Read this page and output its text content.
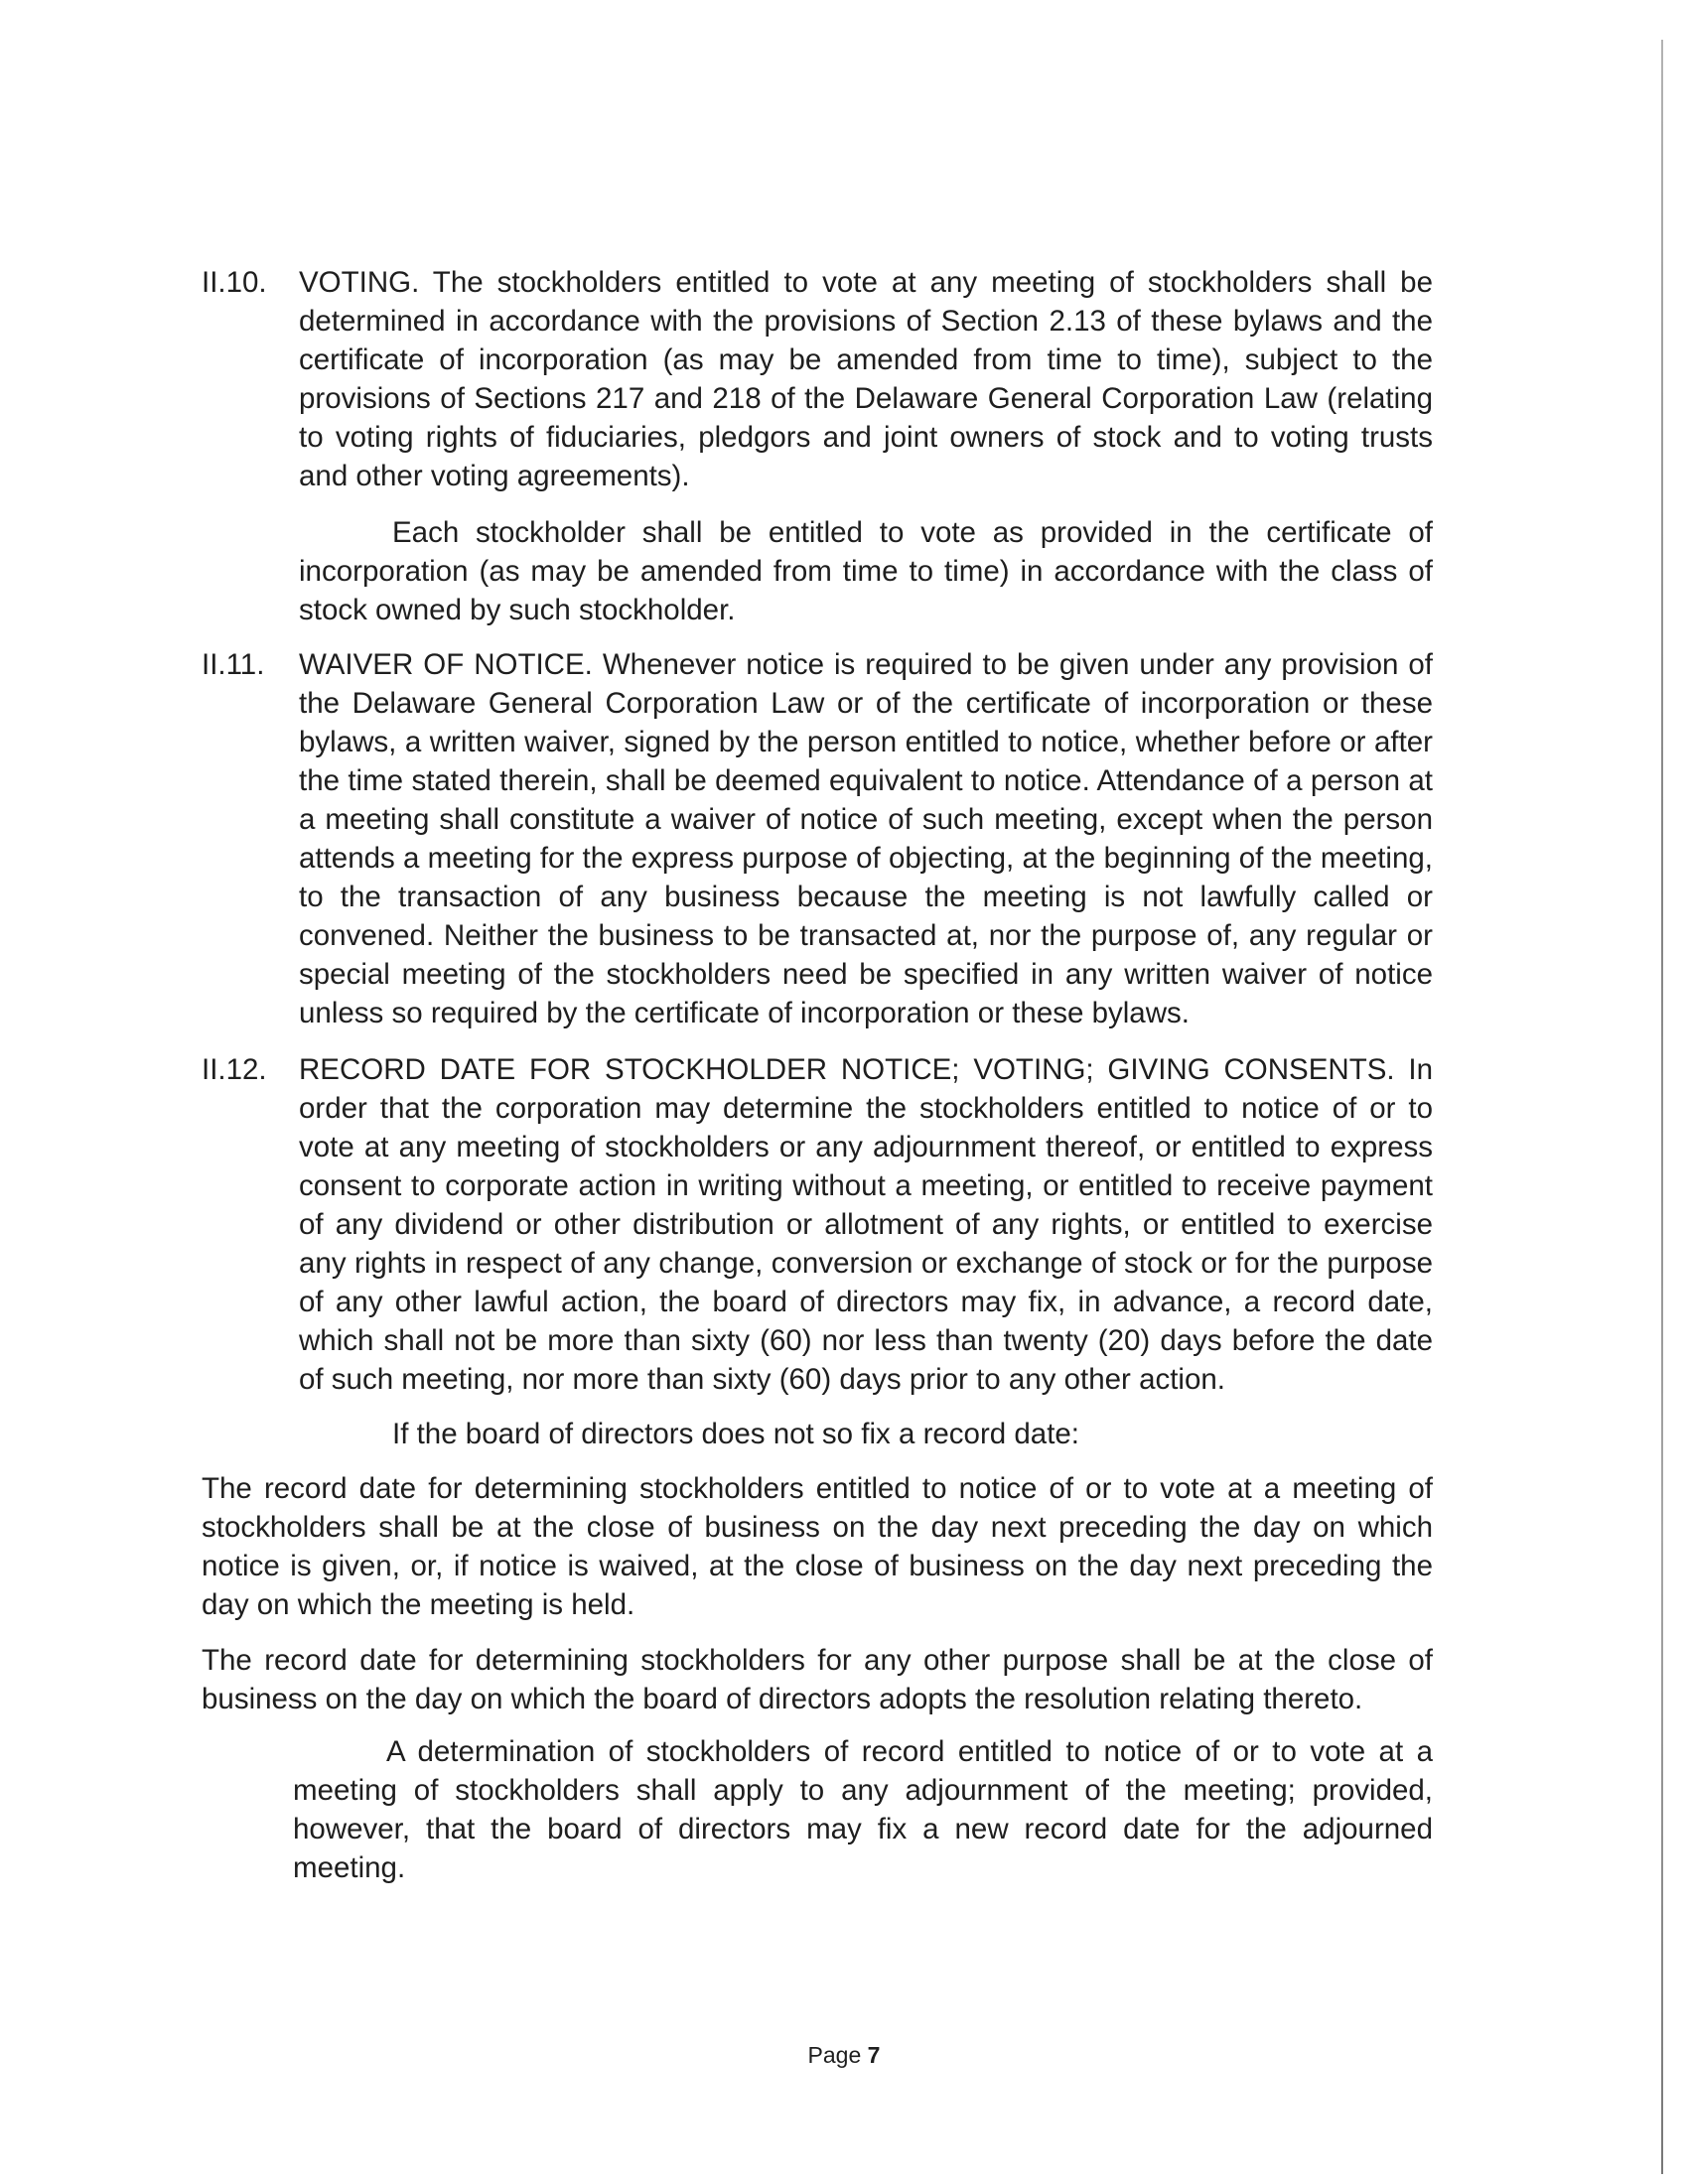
II.10.	VOTING. The stockholders entitled to vote at any meeting of stockholders shall be determined in accordance with the provisions of Section 2.13 of these bylaws and the certificate of incorporation (as may be amended from time to time), subject to the provisions of Sections 217 and 218 of the Delaware General Corporation Law (relating to voting rights of fiduciaries, pledgors and joint owners of stock and to voting trusts and other voting agreements).
Each stockholder shall be entitled to vote as provided in the certificate of incorporation (as may be amended from time to time) in accordance with the class of stock owned by such stockholder.
II.11.	WAIVER OF NOTICE. Whenever notice is required to be given under any provision of the Delaware General Corporation Law or of the certificate of incorporation or these bylaws, a written waiver, signed by the person entitled to notice, whether before or after the time stated therein, shall be deemed equivalent to notice. Attendance of a person at a meeting shall constitute a waiver of notice of such meeting, except when the person attends a meeting for the express purpose of objecting, at the beginning of the meeting, to the transaction of any business because the meeting is not lawfully called or convened. Neither the business to be transacted at, nor the purpose of, any regular or special meeting of the stockholders need be specified in any written waiver of notice unless so required by the certificate of incorporation or these bylaws.
II.12.	RECORD DATE FOR STOCKHOLDER NOTICE; VOTING; GIVING CONSENTS. In order that the corporation may determine the stockholders entitled to notice of or to vote at any meeting of stockholders or any adjournment thereof, or entitled to express consent to corporate action in writing without a meeting, or entitled to receive payment of any dividend or other distribution or allotment of any rights, or entitled to exercise any rights in respect of any change, conversion or exchange of stock or for the purpose of any other lawful action, the board of directors may fix, in advance, a record date, which shall not be more than sixty (60) nor less than twenty (20) days before the date of such meeting, nor more than sixty (60) days prior to any other action.
If the board of directors does not so fix a record date:
The record date for determining stockholders entitled to notice of or to vote at a meeting of stockholders shall be at the close of business on the day next preceding the day on which notice is given, or, if notice is waived, at the close of business on the day next preceding the day on which the meeting is held.
The record date for determining stockholders for any other purpose shall be at the close of business on the day on which the board of directors adopts the resolution relating thereto.
A determination of stockholders of record entitled to notice of or to vote at a meeting of stockholders shall apply to any adjournment of the meeting; provided, however, that the board of directors may fix a new record date for the adjourned meeting.
Page 7
